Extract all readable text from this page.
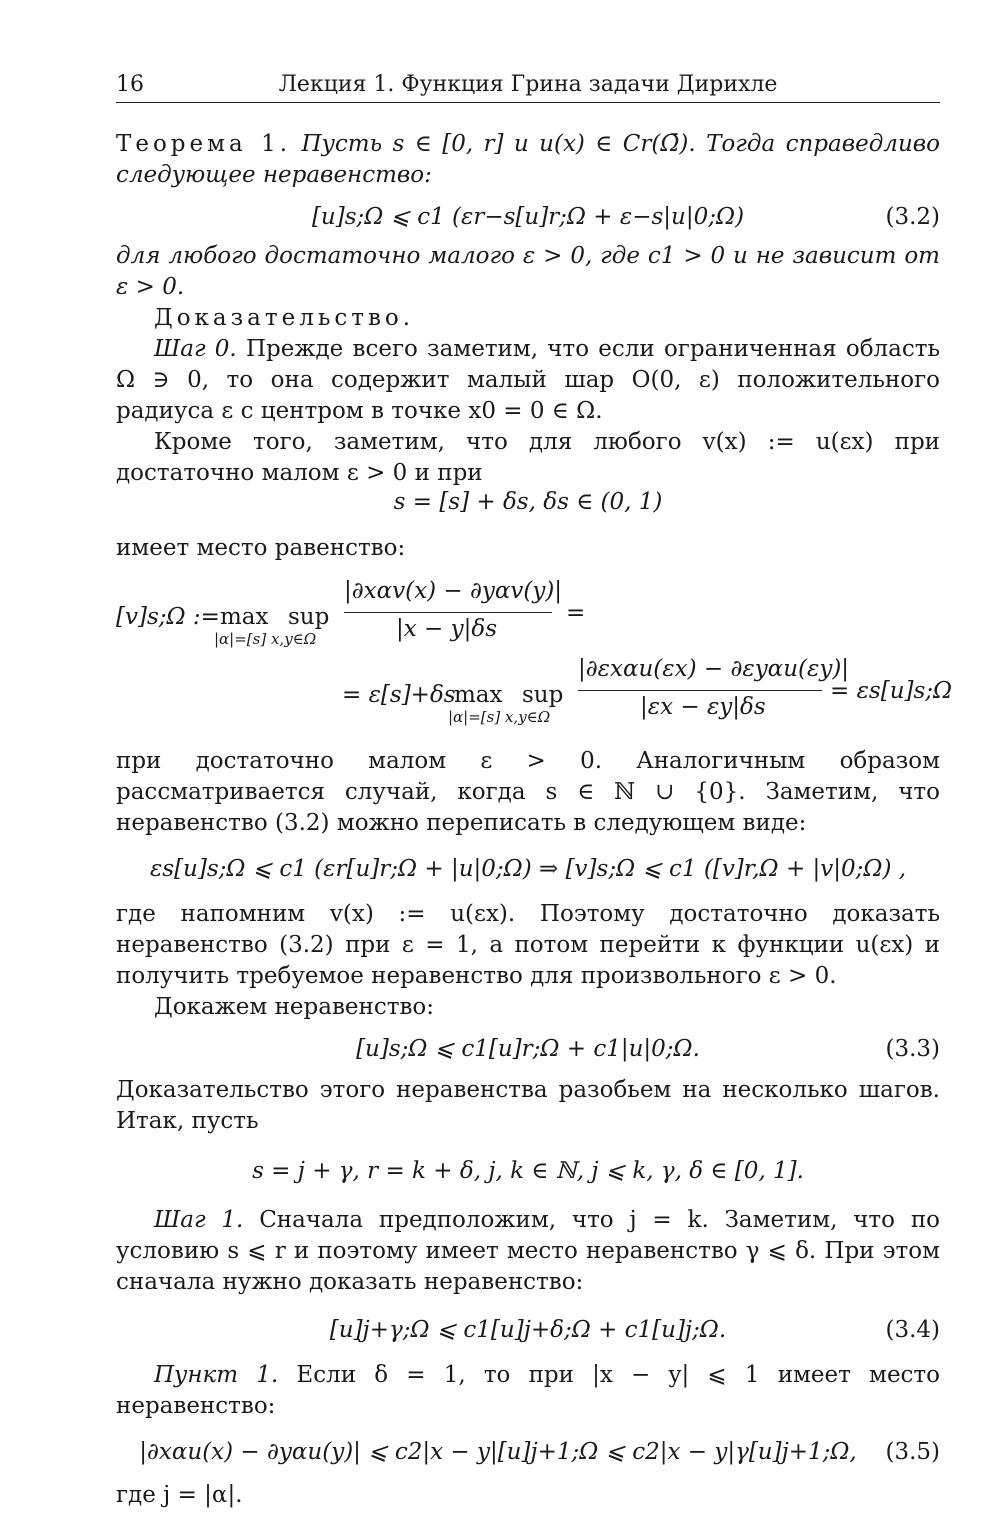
16	Лекция 1. Функция Грина задачи Дирихле

Теорема 1. Пусть s ∈ [0, r] и u(x) ∈ Cr(Ω̄). Тогда справедливо следующее неравенство:

[u]s;Ω ⩽ c1 (εr−s[u]r;Ω + ε−s|u|0;Ω)	(3.2)

для любого достаточно малого ε > 0, где c1 > 0 и не зависит от ε > 0.

Доказательство.

Шаг 0. Прежде всего заметим, что если ограниченная область Ω ∋ 0, то она содержит малый шар O(0, ε) положительного радиуса ε с центром в точке x0 = 0 ∈ Ω.

Кроме того, заметим, что для любого v(x) := u(εx) при достаточно малом ε > 0 и при

s = [s] + δs, δs ∈ (0, 1)

имеет место равенство:

[v]s;Ω := max sup
|α|=[s] x,y∈Ω
|∂xαv(x) − ∂yαv(y)|
|x − y|δs
=
= ε[s]+δs
max sup
|α|=[s] x,y∈Ω
|∂εxαu(εx) − ∂εyαu(εy)|
|εx − εy|δs
= εs[u]s;Ω

при достаточно малом ε > 0. Аналогичным образом рассматривается случай, когда s ∈ ℕ ∪ {0}. Заметим, что неравенство (3.2) можно переписать в следующем виде:

εs[u]s;Ω ⩽ c1 (εr[u]r;Ω + |u|0;Ω) ⇒ [v]s;Ω ⩽ c1 ([v]r,Ω + |v|0;Ω) ,

где напомним v(x) := u(εx). Поэтому достаточно доказать неравенство (3.2) при ε = 1, а потом перейти к функции u(εx) и получить требуемое неравенство для произвольного ε > 0.

Докажем неравенство:

[u]s;Ω ⩽ c1[u]r;Ω + c1|u|0;Ω.	(3.3)

Доказательство этого неравенства разобьем на несколько шагов. Итак, пусть

s = j + γ, r = k + δ, j, k ∈ ℕ, j ⩽ k, γ, δ ∈ [0, 1].

Шаг 1. Сначала предположим, что j = k. Заметим, что по условию s ⩽ r и поэтому имеет место неравенство γ ⩽ δ. При этом сначала нужно доказать неравенство:

[u]j+γ;Ω ⩽ c1[u]j+δ;Ω + c1[u]j;Ω.	(3.4)

Пункт 1. Если δ = 1, то при |x − y| ⩽ 1 имеет место неравенство:

|∂xαu(x) − ∂yαu(y)| ⩽ c2|x − y|[u]j+1;Ω ⩽ c2|x − y|γ[u]j+1;Ω, (3.5)

где j = |α|.
